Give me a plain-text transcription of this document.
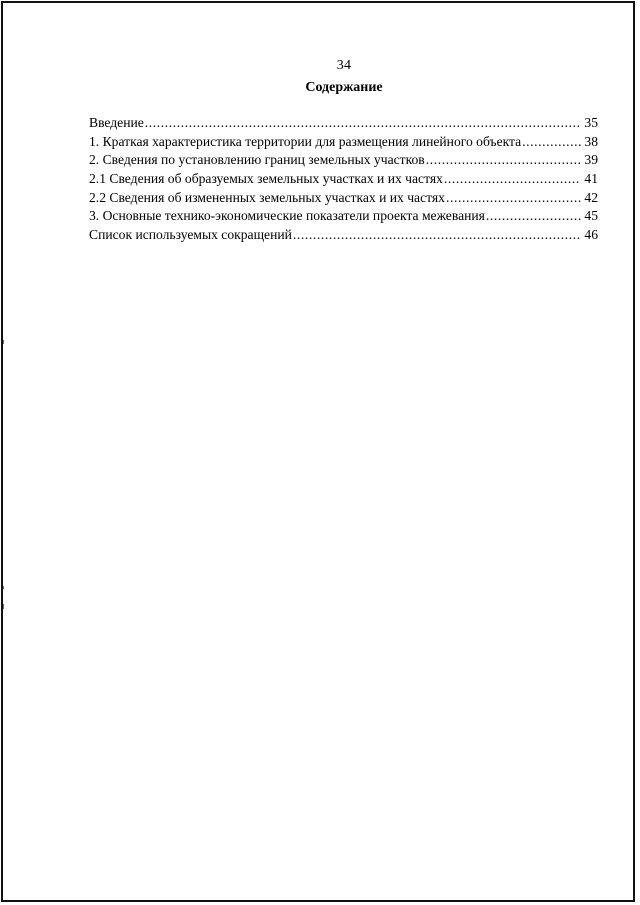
34
Содержание
Введение .....	35
1. Краткая характеристика территории для размещения линейного объекта .....	38
2. Сведения по установлению границ земельных участков .....	39
2.1 Сведения об образуемых земельных участках и их частях .....	41
2.2 Сведения об измененных земельных участках и их частях .....	42
3. Основные технико-экономические показатели проекта межевания .....	45
Список используемых сокращений .....	46
